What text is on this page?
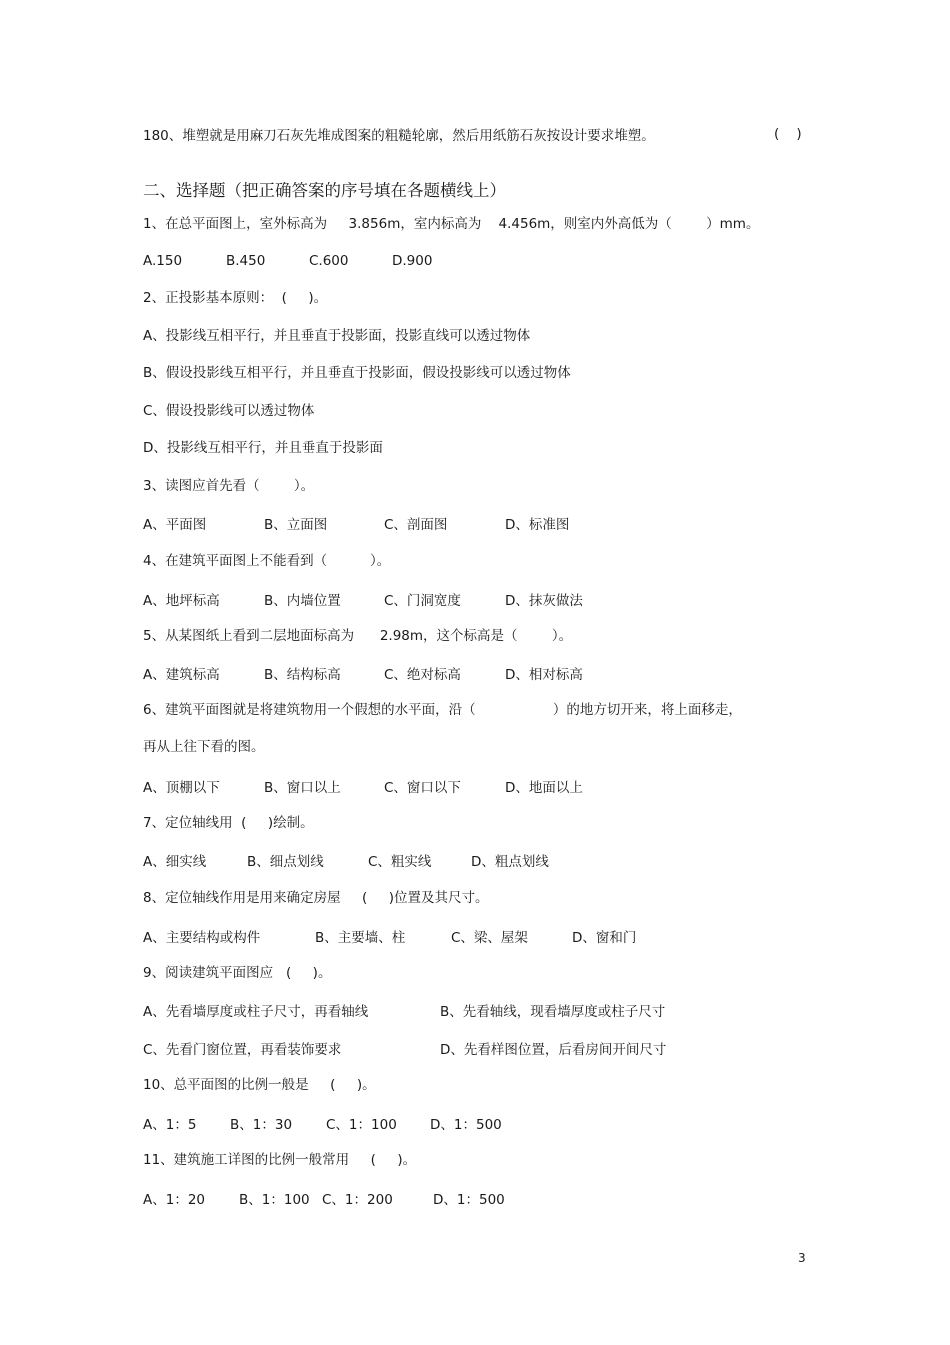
180、堆塑就是用麻刀石灰先堆成图案的粗糙轮廓，然后用纸筋石灰按设计要求堆塑。	(    )
二、选择题（把正确答案的序号填在各题横线上）
1、在总平面图上，室外标高为     3.856m，室内标高为    4.456m，则室内外高低为（        ）mm。
A.150	B.450	C.600	D.900
2、正投影基本原则：  (     )。
A、投影线互相平行，并且垂直于投影面，投影直线可以透过物体
B、假设投影线互相平行，并且垂直于投影面，假设投影线可以透过物体
C、假设投影线可以透过物体
D、投影线互相平行，并且垂直于投影面
3、读图应首先看（        ）。
A、平面图	B、立面图	C、剖面图	D、标准图
4、在建筑平面图上不能看到（          ）。
A、地坪标高	B、内墙位置	C、门洞宽度	D、抹灰做法
5、从某图纸上看到二层地面标高为      2.98m，这个标高是（        ）。
A、建筑标高	B、结构标高	C、绝对标高	D、相对标高
6、建筑平面图就是将建筑物用一个假想的水平面，沿（                  ）的地方切开来，将上面移走，
再从上往下看的图。
A、顶棚以下	B、窗口以上	C、窗口以下	D、地面以上
7、定位轴线用  (     )绘制。
A、细实线	B、细点划线	C、粗实线	D、粗点划线
8、定位轴线作用是用来确定房屋     (     )位置及其尺寸。
A、主要结构或构件	B、主要墙、柱	C、梁、屋架	D、窗和门
9、阅读建筑平面图应   (     )。
A、先看墙厚度或柱子尺寸，再看轴线	B、先看轴线，现看墙厚度或柱子尺寸
C、先看门窗位置，再看装饰要求	D、先看样图位置，后看房间开间尺寸
10、总平面图的比例一般是     (     )。
A、1：5 B、1：30	C、1：100 D、1：500
11、建筑施工详图的比例一般常用     (     )。
A、1：20	B、1：100 C、1：200	D、1：500
3
